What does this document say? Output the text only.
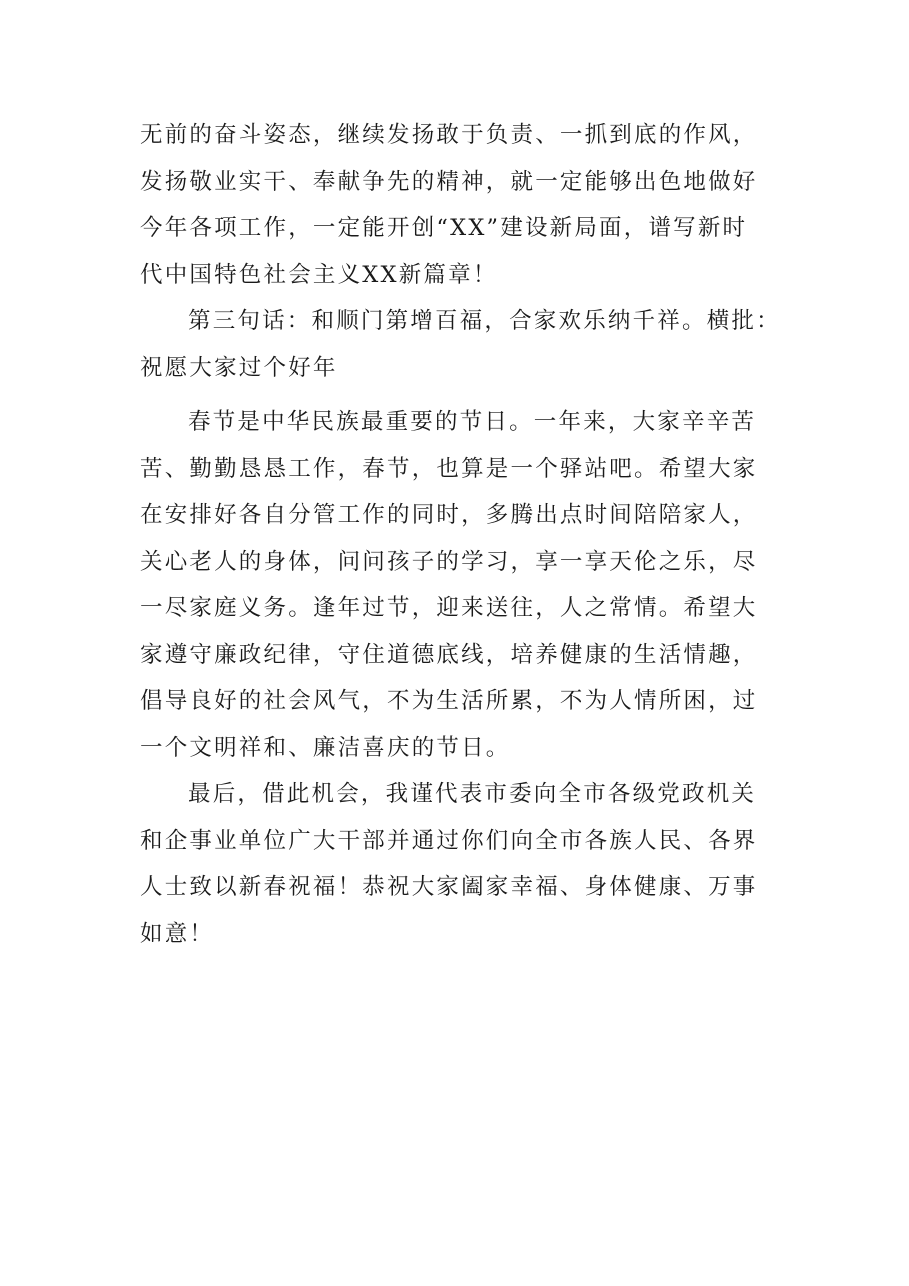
无前的奋斗姿态，继续发扬敢于负责、一抓到底的作风，
发扬敬业实干、奉献争先的精神，就一定能够出色地做好
今年各项工作，一定能开创“XX”建设新局面，谱写新时
代中国特色社会主义XX新篇章！
第三句话：和顺门第增百福，合家欢乐纳千祥。横批：
祝愿大家过个好年
春节是中华民族最重要的节日。一年来，大家辛辛苦
苦、勤勤恳恳工作，春节，也算是一个驿站吧。希望大家
在安排好各自分管工作的同时，多腾出点时间陪陪家人，
关心老人的身体，问问孩子的学习，享一享天伦之乐，尽
一尽家庭义务。逢年过节，迎来送往，人之常情。希望大
家遵守廉政纪律，守住道德底线，培养健康的生活情趣，
倡导良好的社会风气，不为生活所累，不为人情所困，过
一个文明祥和、廉洁喜庆的节日。
最后，借此机会，我谨代表市委向全市各级党政机关
和企事业单位广大干部并通过你们向全市各族人民、各界
人士致以新春祝福！恭祝大家阖家幸福、身体健康、万事
如意！
